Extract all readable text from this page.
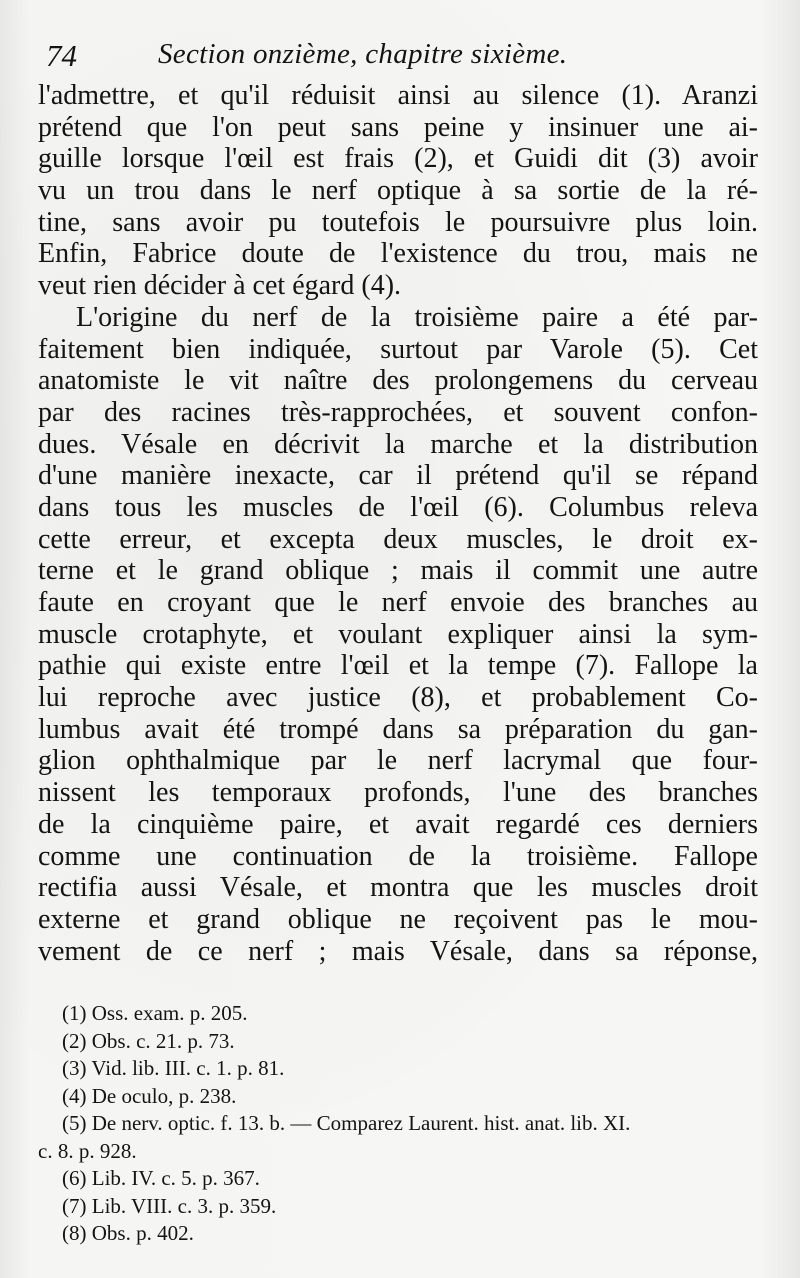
74	Section onzième, chapitre sixième.
l'admettre, et qu'il réduisit ainsi au silence (1). Aranzi
prétend que l'on peut sans peine y insinuer une ai-
guille lorsque l'œil est frais (2), et Guidi dit (3) avoir
vu un trou dans le nerf optique à sa sortie de la ré-
tine, sans avoir pu toutefois le poursuivre plus loin.
Enfin, Fabrice doute de l'existence du trou, mais ne
veut rien décider à cet égard (4).
L'origine du nerf de la troisième paire a été par-
faitement bien indiquée, surtout par Varole (5). Cet
anatomiste le vit naître des prolongemens du cerveau
par des racines très-rapprochées, et souvent confon-
dues. Vésale en décrivit la marche et la distribution
d'une manière inexacte, car il prétend qu'il se répand
dans tous les muscles de l'œil (6). Columbus releva
cette erreur, et excepta deux muscles, le droit ex-
terne et le grand oblique ; mais il commit une autre
faute en croyant que le nerf envoie des branches au
muscle crotaphyte, et voulant expliquer ainsi la sym-
pathie qui existe entre l'œil et la tempe (7). Fallope la
lui reproche avec justice (8), et probablement Co-
lumbus avait été trompé dans sa préparation du gan-
glion ophthalmique par le nerf lacrymal que four-
nissent les temporaux profonds, l'une des branches
de la cinquième paire, et avait regardé ces derniers
comme une continuation de la troisième. Fallope
rectifia aussi Vésale, et montra que les muscles droit
externe et grand oblique ne reçoivent pas le mou-
vement de ce nerf ; mais Vésale, dans sa réponse,
(1) Oss. exam. p. 205.
(2) Obs. c. 21. p. 73.
(3) Vid. lib. III. c. 1. p. 81.
(4) De oculo, p. 238.
(5) De nerv. optic. f. 13. b. — Comparez Laurent. hist. anat. lib. XI.
c. 8. p. 928.
(6) Lib. IV. c. 5. p. 367.
(7) Lib. VIII. c. 3. p. 359.
(8) Obs. p. 402.
